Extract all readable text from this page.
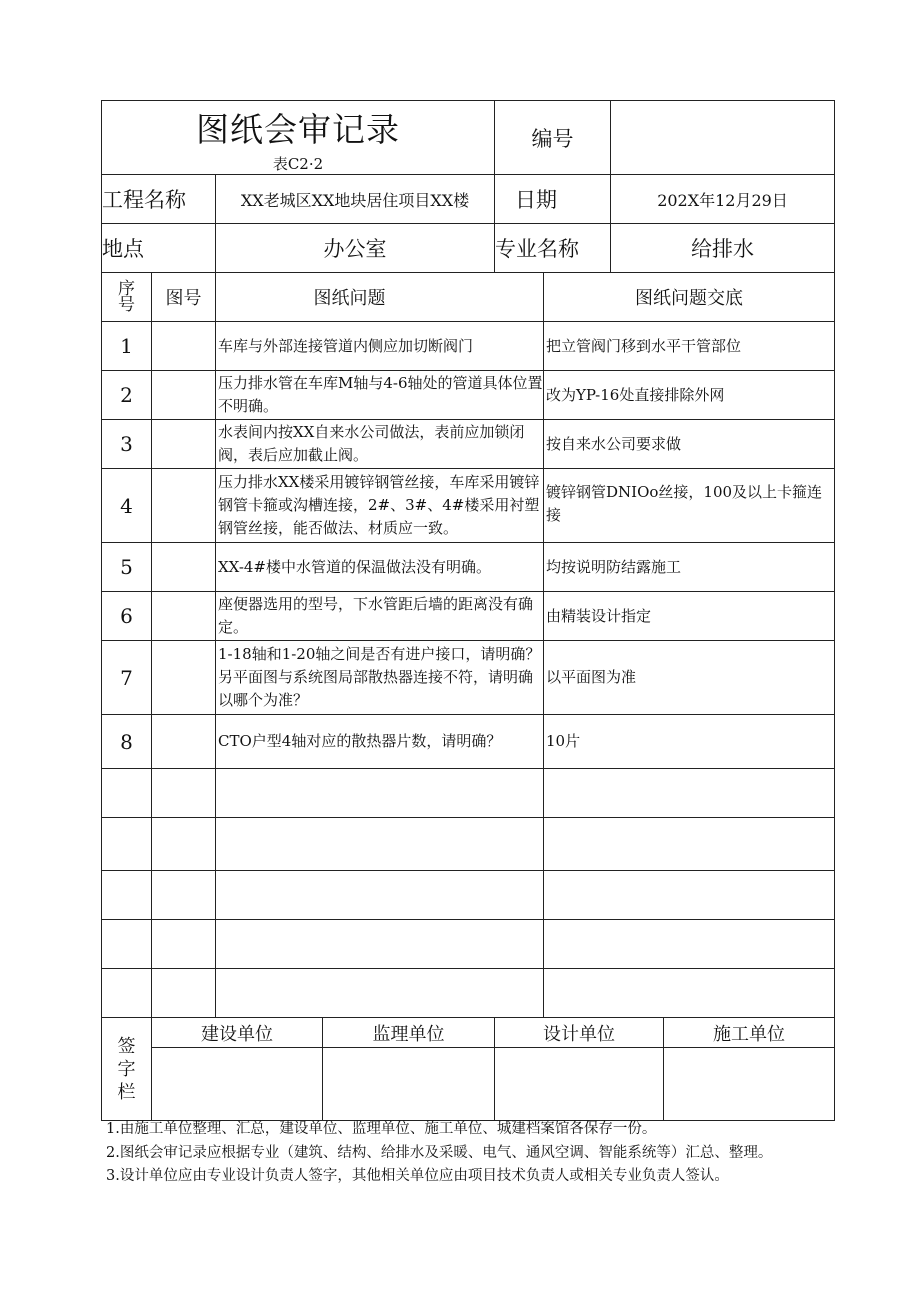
图纸会审记录
表C2·2			编号		
工程名称		XX老城区XX地块居住项目XX楼	日期		202X年12月29日
地点		办公室	专业名称		给排水
序号	图号	图纸问题		图纸问题交底	
1		车库与外部连接管道内侧应加切断阀门	把立管阀门移到水平干管部位
2		压力排水管在车库M轴与4-6轴处的管道具体位置不明确。	改为YP-16处直接排除外网
3		水表间内按XX自来水公司做法，表前应加锁闭阀，表后应加截止阀。	按自来水公司要求做
4		压力排水XX楼采用镀锌钢管丝接，车库采用镀锌钢管卡箍或沟槽连接，2#、3#、4#楼采用衬塑钢管丝接，能否做法、材质应一致。	镀锌钢管DNIOo丝接，100及以上卡箍连接
5		XX-4#楼中水管道的保温做法没有明确。	均按说明防结露施工
6		座便器选用的型号，下水管距后墙的距离没有确定。	由精装设计指定
7		1-18轴和1-20轴之间是否有进户接口，请明确？另平面图与系统图局部散热器连接不符，请明确以哪个为准？	以平面图为准
8		CTO户型4轴对应的散热器片数，请明确？	10片

签字栏	建设单位	监理单位	设计单位	施工单位

1.由施工单位整理、汇总，建设单位、监理单位、施工单位、城建档案馆各保存一份。
2.图纸会审记录应根据专业（建筑、结构、给排水及采暖、电气、通风空调、智能系统等）汇总、整理。
3.设计单位应由专业设计负责人签字，其他相关单位应由项目技术负责人或相关专业负责人签认。
